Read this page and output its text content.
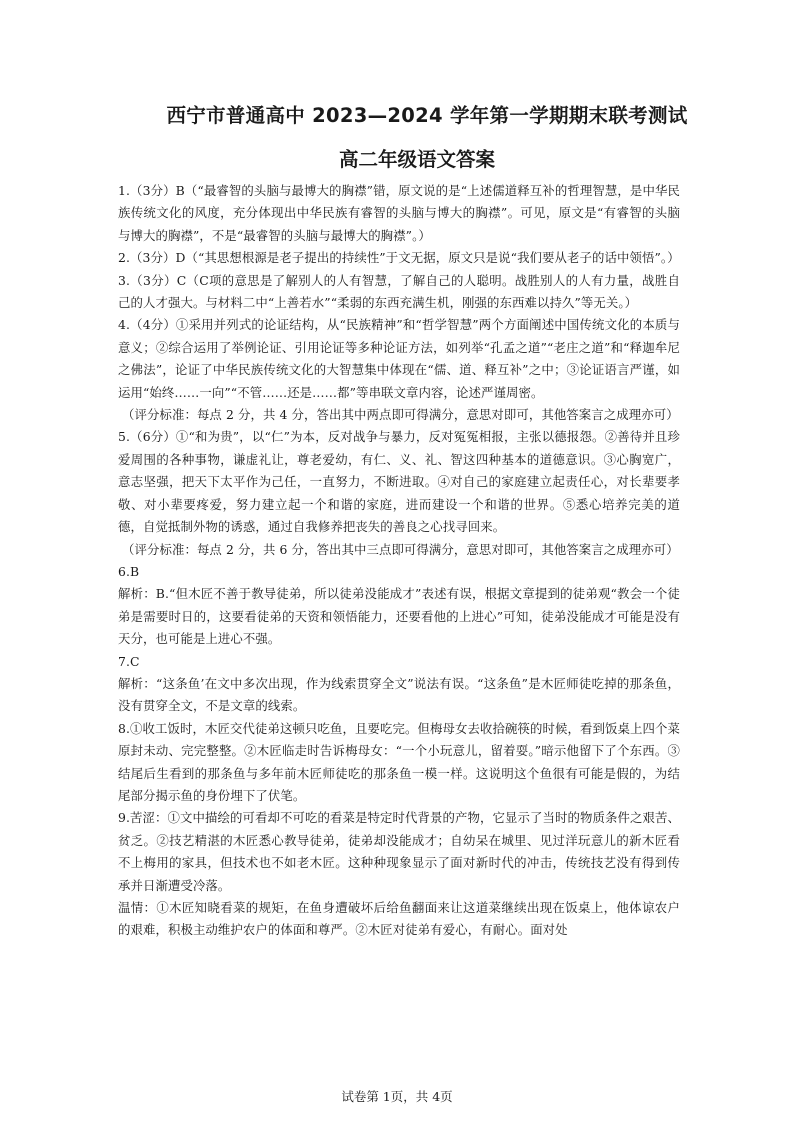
西宁市普通高中 2023—2024 学年第一学期期末联考测试
高二年级语文答案

1.（3分）B（“最睿智的头脑与最博大的胸襟”错，原文说的是“上述儒道释互补的哲理智慧，是中华民族传统文化的风度，充分体现出中华民族有睿智的头脑与博大的胸襟”。可见，原文是“有睿智的头脑与博大的胸襟”，不是“最睿智的头脑与最博大的胸襟”。）

2.（3分）D（“其思想根源是老子提出的持续性”于文无据，原文只是说“我们要从老子的话中领悟”。）

3.（3分）C（C项的意思是了解别人的人有智慧，了解自己的人聪明。战胜别人的人有力量，战胜自己的人才强大。与材料二中“上善若水”“柔弱的东西充满生机，刚强的东西难以持久”等无关。）

4.（4分）①采用并列式的论证结构，从“民族精神”和“哲学智慧”两个方面阐述中国传统文化的本质与意义；②综合运用了举例论证、引用论证等多种论证方法，如列举“孔孟之道”“老庄之道”和“释迦牟尼之佛法”，论证了中华民族传统文化的大智慧集中体现在“儒、道、释互补”之中；③论证语言严谨，如运用“始终……一向”“不管……还是……都”等串联文章内容，论述严谨周密。

（评分标准：每点 2 分，共 4 分，答出其中两点即可得满分，意思对即可，其他答案言之成理亦可）

5.（6分）①“和为贵”，以“仁”为本，反对战争与暴力，反对冤冤相报，主张以德报怨。②善待并且珍爱周围的各种事物，谦虚礼让，尊老爱幼，有仁、义、礼、智这四种基本的道德意识。③心胸宽广，意志坚强，把天下太平作为己任，一直努力，不断进取。④对自己的家庭建立起责任心，对长辈要孝敬、对小辈要疼爱，努力建立起一个和谐的家庭，进而建设一个和谐的世界。⑤悉心培养完美的道德，自觉抵制外物的诱惑，通过自我修养把丧失的善良之心找寻回来。

（评分标准：每点 2 分，共 6 分，答出其中三点即可得满分，意思对即可，其他答案言之成理亦可）

6.B

解析：B.“但木匠不善于教导徒弟，所以徒弟没能成才”表述有误，根据文章提到的徒弟观“教会一个徒弟是需要时日的，这要看徒弟的天资和领悟能力，还要看他的上进心”可知，徒弟没能成才可能是没有天分，也可能是上进心不强。

7.C

解析：“这条鱼’在文中多次出现，作为线索贯穿全文”说法有误。“这条鱼”是木匠师徒吃掉的那条鱼，没有贯穿全文，不是文章的线索。

8.①收工饭时，木匠交代徒弟这顿只吃鱼，且要吃完。但梅母女去收拾碗筷的时候，看到饭桌上四个菜原封未动、完完整整。②木匠临走时告诉梅母女：“一个小玩意儿，留着耍。”暗示他留下了个东西。③结尾后生看到的那条鱼与多年前木匠师徒吃的那条鱼一模一样。这说明这个鱼很有可能是假的，为结尾部分揭示鱼的身份埋下了伏笔。

9.苦涩：①文中描绘的可看却不可吃的看菜是特定时代背景的产物，它显示了当时的物质条件之艰苦、贫乏。②技艺精湛的木匠悉心教导徒弟，徒弟却没能成才；自幼呆在城里、见过洋玩意儿的新木匠看不上梅用的家具，但技术也不如老木匠。这种种现象显示了面对新时代的冲击，传统技艺没有得到传承并日渐遭受冷落。

温情：①木匠知晓看菜的规矩，在鱼身遭破坏后给鱼翻面来让这道菜继续出现在饭桌上，他体谅农户的艰难，积极主动维护农户的体面和尊严。②木匠对徒弟有爱心，有耐心。面对处

试卷第 1页，共 4页
